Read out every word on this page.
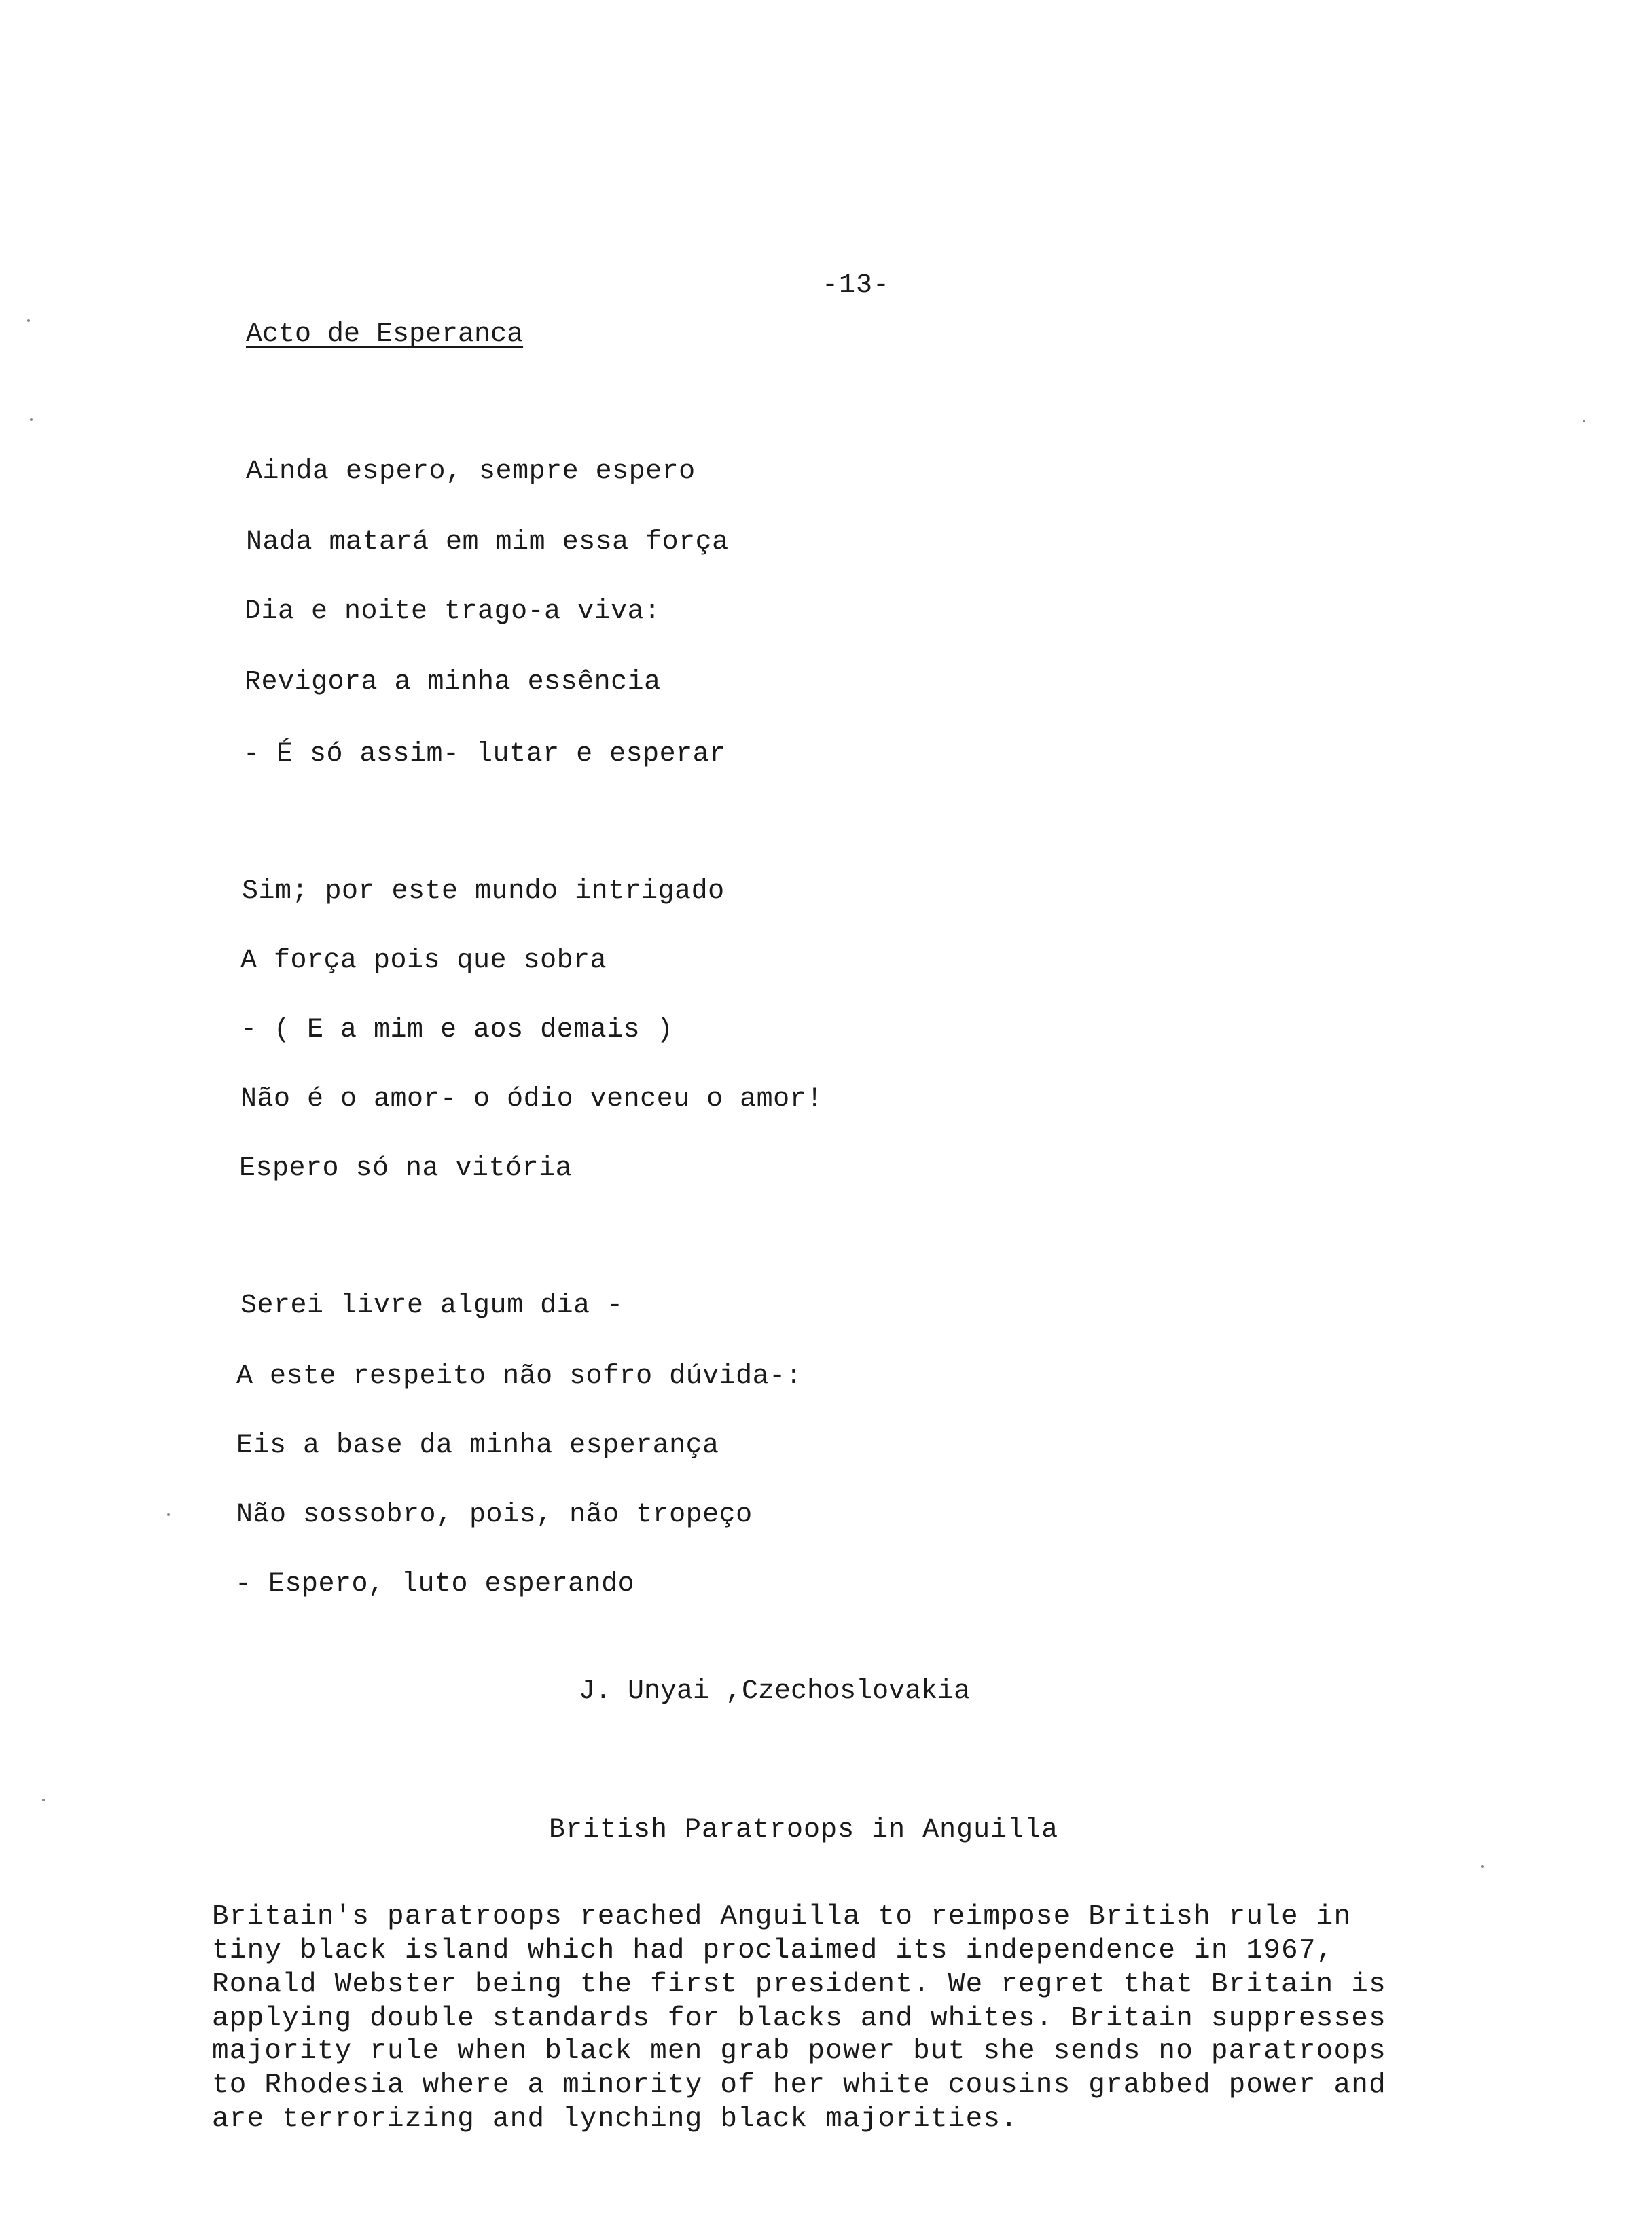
-13-
Acto de Esperanca
Ainda espero, sempre espero
Nada matará em mim essa força
Dia e noite trago-a viva:
Revigora a minha essência
- É só assim- lutar e esperar
Sim; por este mundo intrigado
A força pois que sobra
- ( E a mim e aos demais )
Não é o amor- o ódio venceu o amor!
Espero só na vitória
Serei livre algum dia -
A este respeito não sofro dúvida-:
Eis a base da minha esperança
Não sossobro, pois, não tropeço
- Espero, luto esperando
J. Unyai ,Czechoslovakia
British Paratroops in Anguilla
Britain's paratroops reached Anguilla to reimpose British rule in
tiny black island which had proclaimed its independence in 1967,
Ronald Webster being the first president. We regret that Britain is
applying double standards for blacks and whites. Britain suppresses
majority rule when black men grab power but she sends no paratroops
to Rhodesia where a minority of her white cousins grabbed power and
are terrorizing and lynching black majorities.
